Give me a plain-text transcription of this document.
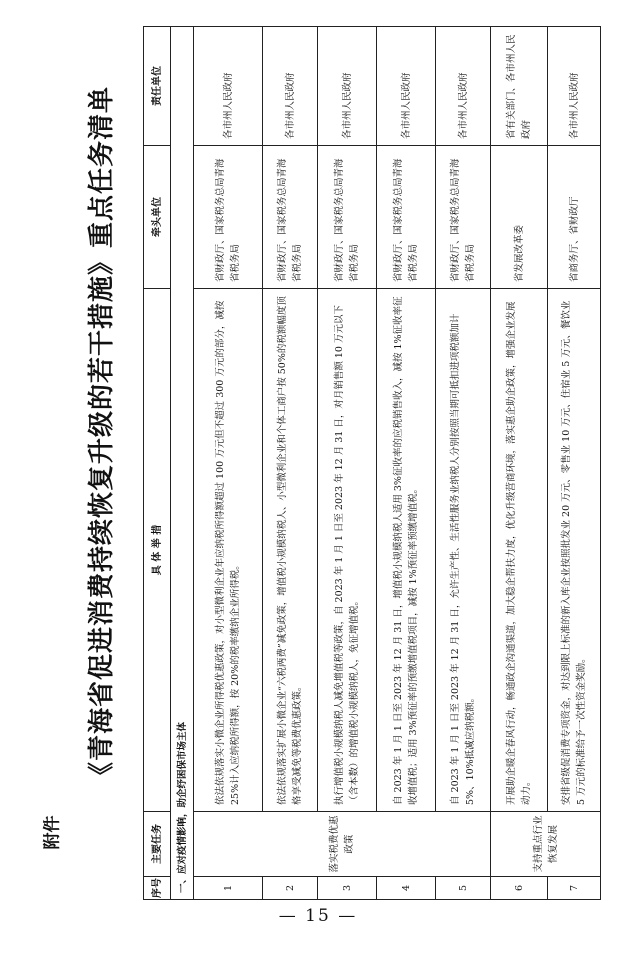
附件
《青海省促进消费持续恢复升级的若干措施》重点任务清单
序号	主要任务	具 体 举 措	牵头单位	责任单位
一、应对疫情影响，助企纾困保市场主体				
1	落实税费优惠政策	依法依规落实小微企业所得税优惠政策，对小型微利企业年应纳税所得额超过 100 万元但不超过 300 万元的部分，减按 25%计入应纳税所得额，按 20%的税率缴纳企业所得税。	省财政厅、国家税务总局青海省税务局	各市州人民政府
2		依法依规落实扩展小微企业“六税两费”减免政策，增值税小规模纳税人、小型微利企业和个体工商户按 50%的税额幅度顶格享受减免等税费优惠政策。	省财政厅、国家税务总局青海省税务局	各市州人民政府
3		执行增值税小规模纳税人减免增值税等政策，自 2023 年 1 月 1 日至 2023 年 12 月 31 日，对月销售额 10 万元以下（含本数）的增值税小规模纳税人，免征增值税。	省财政厅、国家税务总局青海省税务局	各市州人民政府
4		自 2023 年 1 月 1 日至 2023 年 12 月 31 日，增值税小规模纳税人适用 3%征收率的应税销售收入，减按 1%征收率征收增值税；适用 3%预征率的预缴增值税项目，减按 1%预征率预缴增值税。	省财政厅、国家税务总局青海省税务局	各市州人民政府
5		自 2023 年 1 月 1 日至 2023 年 12 月 31 日，允许生产性、生活性服务业纳税人分别按照当期可抵扣进项税额加计 5%、10%抵减应纳税额。	省财政厅、国家税务总局青海省税务局	各市州人民政府
6	支持重点行业恢复发展	开展助企暖企春风行动，畅通政企沟通渠道，加大稳企帮扶力度，优化升级营商环境，落实惠企助企政策，增强企业发展动力。	省发展改革委	省有关部门、各市州人民政府
7		安排省级促消费专项资金，对达到限上标准的新入库企业按照批发业 20 万元、零售业 10 万元、住宿业 5 万元、餐饮业 5 万元的标准给予一次性资金奖励。	省商务厅、省财政厅	各市州人民政府
— 15 —
